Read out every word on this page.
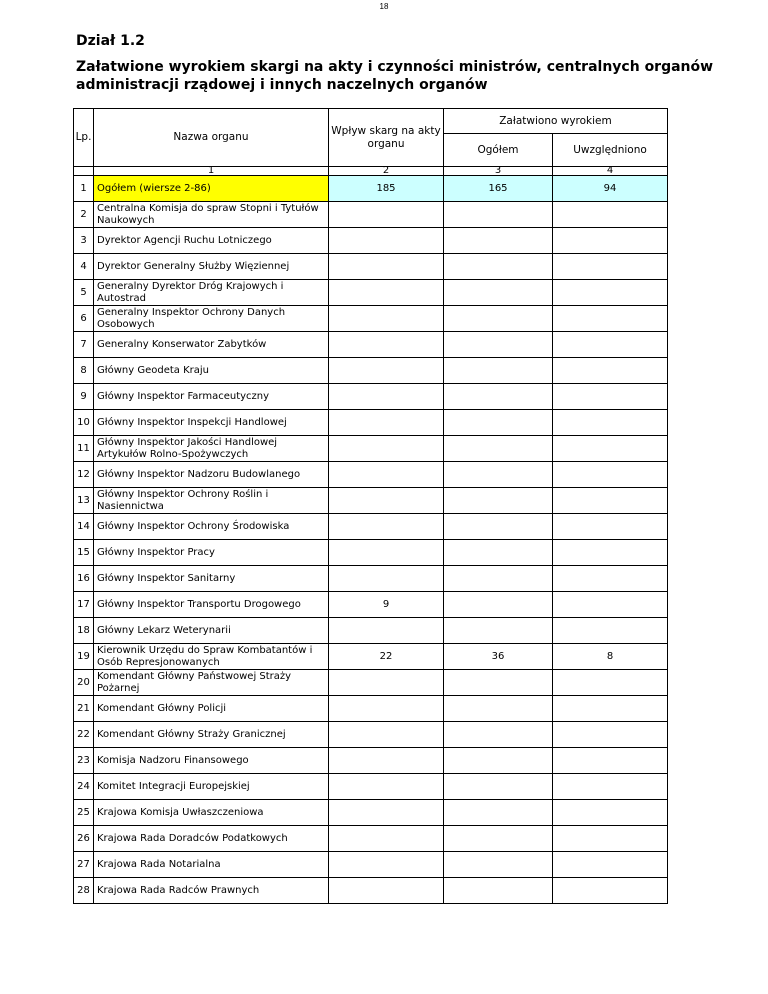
18
Dział 1.2
Załatwione wyrokiem skargi na akty i czynności ministrów, centralnych organów administracji rządowej i innych naczelnych organów
Lp.	Nazwa organu	Wpływ skarg na akty organu	Załatwiono wyrokiem	
			Ogółem	Uwzględniono
	1	2	3	4
1	Ogółem (wiersze 2-86)	185	165	94
2	Centralna Komisja do spraw Stopni i Tytułów Naukowych			
3	Dyrektor Agencji Ruchu Lotniczego			
4	Dyrektor Generalny Służby Więziennej			
5	Generalny Dyrektor Dróg Krajowych i Autostrad			
6	Generalny Inspektor Ochrony Danych Osobowych			
7	Generalny Konserwator Zabytków			
8	Główny Geodeta Kraju			
9	Główny Inspektor Farmaceutyczny			
10	Główny Inspektor Inspekcji Handlowej			
11	Główny Inspektor Jakości Handlowej Artykułów Rolno-Spożywczych			
12	Główny Inspektor Nadzoru Budowlanego			
13	Główny Inspektor Ochrony Roślin i Nasiennictwa			
14	Główny Inspektor Ochrony Środowiska			
15	Główny Inspektor Pracy			
16	Główny Inspektor Sanitarny			
17	Główny Inspektor Transportu Drogowego	9		
18	Główny Lekarz Weterynarii			
19	Kierownik Urzędu do Spraw Kombatantów i Osób Represjonowanych	22	36	8
20	Komendant Główny Państwowej Straży Pożarnej			
21	Komendant Główny Policji			
22	Komendant Główny Straży Granicznej			
23	Komisja Nadzoru Finansowego			
24	Komitet Integracji Europejskiej			
25	Krajowa Komisja Uwłaszczeniowa			
26	Krajowa Rada Doradców Podatkowych			
27	Krajowa Rada Notarialna			
28	Krajowa Rada Radców Prawnych			
